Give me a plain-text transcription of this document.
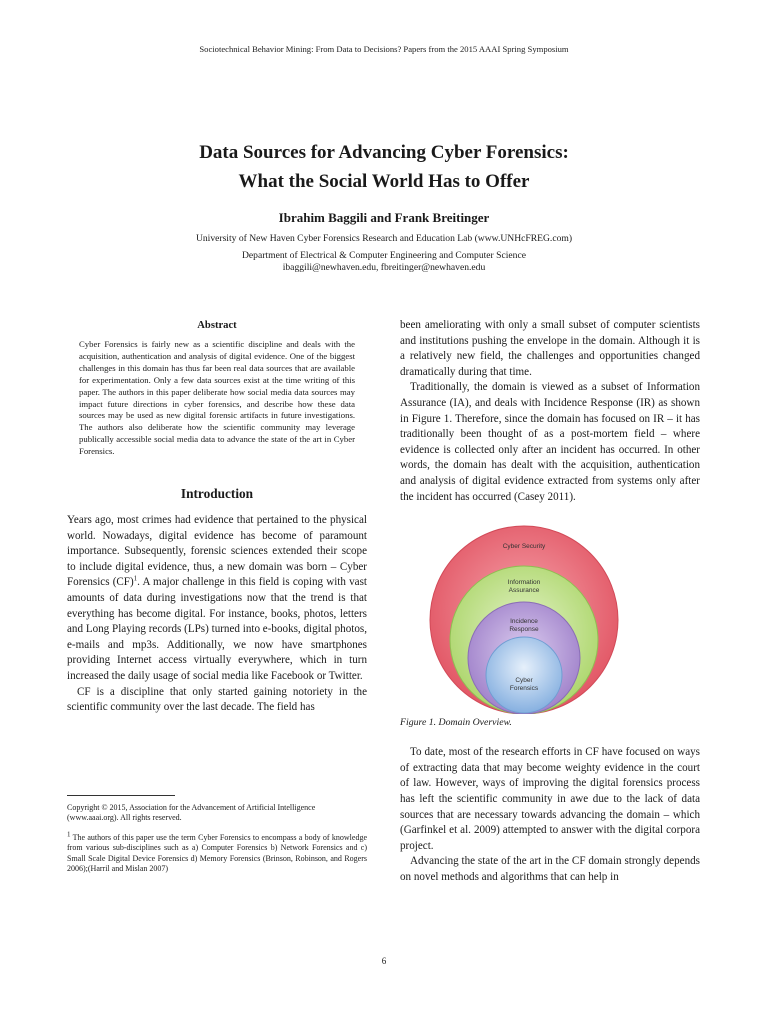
Sociotechnical Behavior Mining: From Data to Decisions? Papers from the 2015 AAAI Spring Symposium
Data Sources for Advancing Cyber Forensics:
What the Social World Has to Offer
Ibrahim Baggili and Frank Breitinger
University of New Haven Cyber Forensics Research and Education Lab (www.UNHcFREG.com)
Department of Electrical & Computer Engineering and Computer Science
ibaggili@newhaven.edu, fbreitinger@newhaven.edu
Abstract

Cyber Forensics is fairly new as a scientific discipline and deals with the acquisition, authentication and analysis of digital evidence. One of the biggest challenges in this domain has thus far been real data sources that are available for experimentation. Only a few data sources exist at the time writing of this paper. The authors in this paper deliberate how social media data sources may impact future directions in cyber forensics, and describe how these data sources may be used as new digital forensic artifacts in future investigations. The authors also deliberate how the scientific community may leverage publically accessible social media data to advance the state of the art in Cyber Forensics.

Introduction

Years ago, most crimes had evidence that pertained to the physical world. Nowadays, digital evidence has become of paramount importance. Subsequently, forensic sciences extended their scope to include digital evidence, thus, a new domain was born – Cyber Forensics (CF)$^1$. A major challenge in this field is coping with vast amounts of data during investigations now that the trend is that everything has become digital. For instance, books, photos, letters and Long Playing records (LPs) turned into e-books, digital photos, e-mails and mp3s. Additionally, we now have smartphones providing Internet access virtually everywhere, which in turn increased the daily usage of social media like Facebook or Twitter.

CF is a discipline that only started gaining notoriety in the scientific community over the last decade. The field has

Copyright © 2015, Association for the Advancement of Artificial Intelligence (www.aaai.org). All rights reserved.

$^1$ The authors of this paper use the term Cyber Forensics to encompass a body of knowledge from various sub-disciplines such as a) Computer Forensics b) Network Forensics and c) Small Scale Digital Device Forensics d) Memory Forensics (Brinson, Robinson, and Rogers 2006);(Harril and Mislan 2007)

been ameliorating with only a small subset of computer scientists and institutions pushing the envelope in the domain. Although it is a relatively new field, the challenges and opportunities changed dramatically during that time.

Traditionally, the domain is viewed as a subset of Information Assurance (IA), and deals with Incidence Response (IR) as shown in Figure 1. Therefore, since the domain has focused on IR – it has traditionally been thought of as a post-mortem field – where evidence is collected only after an incident has occurred. In other words, the domain has dealt with the acquisition, authentication and analysis of digital evidence extracted from systems only after the incident has occurred (Casey 2011).

Cyber Security
Information
Assurance
Incidence
Response
Cyber
Forensics
Figure 1. Domain Overview.

To date, most of the research efforts in CF have focused on ways of extracting data that may become weighty evidence in the court of law. However, ways of improving the digital forensics process has left the scientific community in awe due to the lack of data sources that are necessary towards advancing the domain – which (Garfinkel et al. 2009) attempted to answer with the digital corpora project.

Advancing the state of the art in the CF domain strongly depends on novel methods and algorithms that can help in

6
